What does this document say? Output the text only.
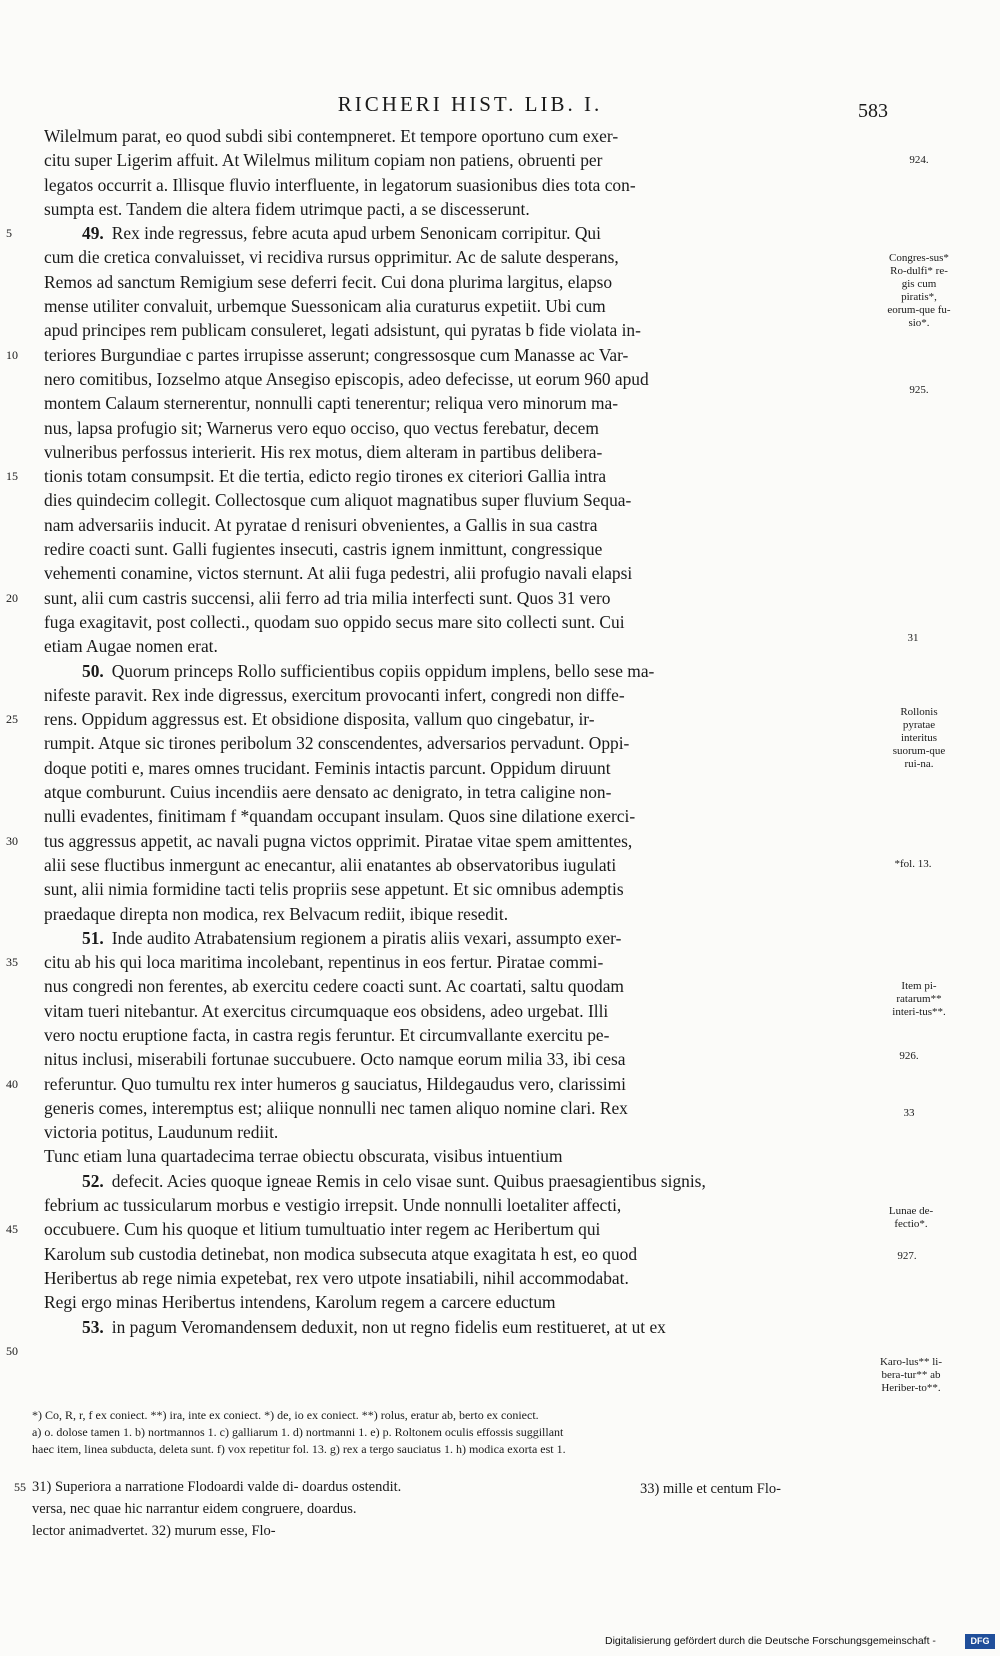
RICHERI HIST. LIB. I.	583
Wilelmum parat, eo quod subdi sibi contempneret. Et tempore oportuno cum exer-
citu super Ligerim affuit. At Wilelmus militum copiam non patiens, obruenti per
legatos occurrit a. Illisque fluvio interfluente, in legatorum suasionibus dies tota con-
sumpta est. Tandem die altera fidem utrimque pacti, a se discesserunt.
5	49. Rex inde regressus, febre acuta apud urbem Senonicam corripitur. Qui
cum die cretica convaluisset, vi recidiva rursus opprimitur. Ac de salute desperans,
Remos ad sanctum Remigium sese deferri fecit. Cui dona plurima largitus, elapso
mense utiliter convaluit, urbemque Suessonicam alia curaturus expetiit. Ubi cum
apud principes rem publicam consuleret, legati adsistunt, qui pyratas b fide violata in-
10 teriores Burgundiae c partes irrupisse asserunt; congressosque cum Manasse ac Var-
nero comitibus, Iozselmo atque Ansegiso episcopis, adeo defecisse, ut eorum 960 apud
montem Calaum sternerentur, nonnulli capti tenerentur; reliqua vero minorum ma-
nus, lapsa profugio sit; Warnerus vero equo occiso, quo vectus ferebatur, decem
vulneribus perfossus interierit. His rex motus, diem alteram in partibus delibera-
15 tionis totam consumpsit. Et die tertia, edicto regio tirones ex citeriori Gallia intra
dies quindecim collegit. Collectosque cum aliquot magnatibus super fluvium Sequa-
nam adversariis inducit. At pyratae d renisuri obvenientes, a Gallis in sua castra
redire coacti sunt. Galli fugientes insecuti, castris ignem inmittunt, congressique
vehementi conamine, victos sternunt. At alii fuga pedestri, alii profugio navali elapsi
20 sunt, alii cum castris succensi, alii ferro ad tria milia interfecti sunt. Quos 31 vero
fuga exagitavit, post collecti., quodam suo oppido secus mare sito collecti sunt. Cui
etiam Augae nomen erat.
50. Quorum princeps Rollo sufficientibus copiis oppidum implens, bello sese ma-
nifeste paravit. Rex inde digressus, exercitum provocanti infert, congredi non diffe-
25 rens. Oppidum aggressus est. Et obsidione disposita, vallum quo cingebatur, ir-
rumpit. Atque sic tirones peribolum 32 conscendentes, adversarios pervadunt. Oppi-
doque potiti e, mares omnes trucidant. Feminis intactis parcunt. Oppidum diruunt
atque comburunt. Cuius incendiis aere densato ac denigrato, in tetra caligine non-
nulli evadentes, finitimam f *quandam occupant insulam. Quos sine dilatione exerci-
30 tus aggressus appetit, ac navali pugna victos opprimit. Piratae vitae spem amittentes,
alii sese fluctibus inmergunt ac enecantur, alii enatantes ab observatoribus iugulati
sunt, alii nimia formidine tacti telis propriis sese appetunt. Et sic omnibus ademptis
praedaque direpta non modica, rex Belvacum rediit, ibique resedit.
51. Inde audito Atrabatensium regionem a piratis aliis vexari, assumpto exer-
35 citu ab his qui loca maritima incolebant, repentinus in eos fertur. Piratae commi-
nus congredi non ferentes, ab exercitu cedere coacti sunt. Ac coartati, saltu quodam
vitam tueri nitebantur. At exercitus circumquaque eos obsidens, adeo urgebat. Illi
vero noctu eruptione facta, in castra regis feruntur. Et circumvallante exercitu pe-
nitus inclusi, miserabili fortunae succubuere. Octo namque eorum milia 33, ibi cesa
40 referuntur. Quo tumultu rex inter humeros g sauciatus, Hildegaudus vero, clarissimi
generis comes, interemptus est; aliique nonnulli nec tamen aliquo nomine clari. Rex
victoria potitus, Laudunum rediit.
Tunc etiam luna quartadecima terrae obiectu obscurata, visibus intuentium
52. defecit. Acies quoque igneae Remis in celo visae sunt. Quibus praesagientibus signis,
febrium ac tussicularum morbus e vestigio irrepsit. Unde nonnulli loetaliter affecti,
45 occubuere. Cum his quoque et litium tumultuatio inter regem ac Heribertum qui
Karolum sub custodia detinebat, non modica subsecuta atque exagitata h est, eo quod
Heribertus ab rege nimia expetebat, rex vero utpote insatiabili, nihil accommodabat.
Regi ergo minas Heribertus intendens, Karolum regem a carcere eductum
53. in pagum Veromandensem deduxit, non ut regno fidelis eum restitueret, at ut ex
50
924.
Congres-sus* Ro-dulfi* re-gis cum piratis*, eorum-que fu-sio*.
925.
31
Rollonis pyratae interitus suorum-que rui-na.
*fol. 13.
Item pi-ratarum** interi-tus**.
926.
33
Lunae de-fectio*.
927.
Karo-lus** li-bera-tur** ab Heriber-to**.
*) Co, R, r, f ex coniect. **) ira, inte ex coniect. *) de, io ex coniect. **) rolus, eratur ab, berto ex coniect.
a) o. dolose tamen 1. b) nortmannos 1. c) galliarum 1. d) nortmanni 1. e) p. Roltonem oculis effossis suggillant
haec item, linea subducta, deleta sunt. f) vox repetitur fol. 13. g) rex a tergo sauciatus 1. h) modica exorta est 1.
31) Superiora a narratione Flodoardi valde di- doardus ostendit.
versa, nec quae hic narrantur eidem congruere, doardus.
lector animadvertet. 32) murum esse, Flo-
33) mille et centum Flo-
55
Digitalisierung gefördert durch die Deutsche Forschungsgemeinschaft -	DFG
